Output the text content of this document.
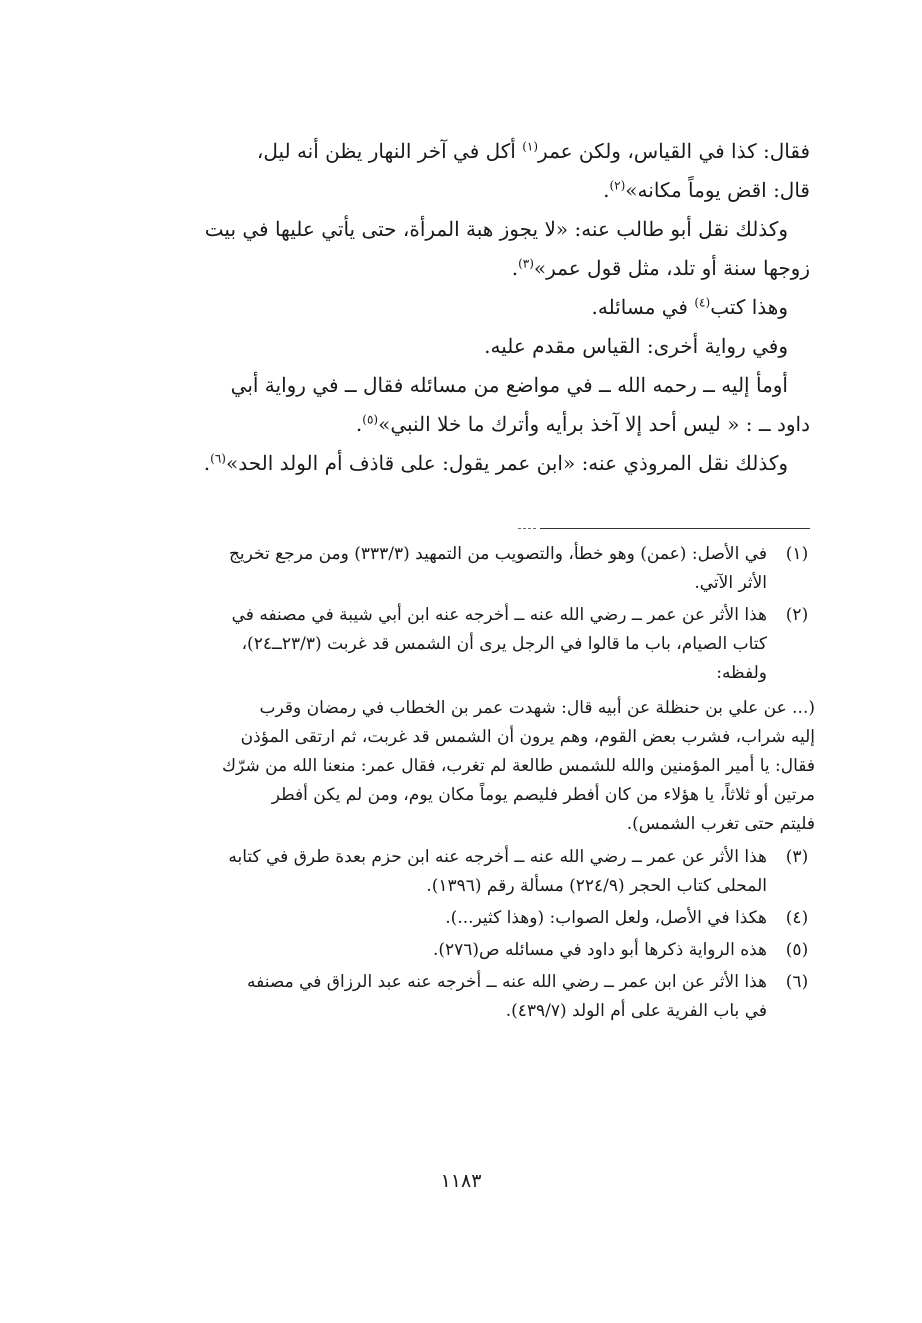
فقال: كذا في القياس، ولكن عمر$^{(١)}$ أكل في آخر النهار يظن أنه ليل،
قال: اقض يوماً مكانه»$^{(٢)}$.
وكذلك نقل أبو طالب عنه: «لا يجوز هبة المرأة، حتى يأتي عليها في بيت
زوجها سنة أو تلد، مثل قول عمر»$^{(٣)}$.
وهذا كتب$^{(٤)}$ في مسائله.
وفي رواية أخرى: القياس مقدم عليه.
أومأ إليه ــ رحمه الله ــ في مواضع من مسائله فقال ــ في رواية أبي
داود ــ : « ليس أحد إلا آخذ برأيه وأترك ما خلا النبي»$^{(٥)}$.
وكذلك نقل المروذي عنه: «ابن عمر يقول: على قاذف أم الولد الحد»$^{(٦)}$.
(١)
في الأصل: (عمن) وهو خطأ، والتصويب من التمهيد (٣٣٣/٣) ومن مرجع تخريج
الأثر الآتي.
(٢)
هذا الأثر عن عمر ــ رضي الله عنه ــ أخرجه عنه ابن أبي شيبة في مصنفه في
كتاب الصيام، باب ما قالوا في الرجل يرى أن الشمس قد غربت (٢٣/٣ــ٢٤)،
ولفظه:
(... عن علي بن حنظلة عن أبيه قال: شهدت عمر بن الخطاب في رمضان وقرب
إليه شراب، فشرب بعض القوم، وهم يرون أن الشمس قد غربت، ثم ارتقى المؤذن
فقال: يا أمير المؤمنين والله للشمس طالعة لم تغرب، فقال عمر: منعنا الله من شرّك
مرتين أو ثلاثاً، يا هؤلاء من كان أفطر فليصم يوماً مكان يوم، ومن لم يكن أفطر
فليتم حتى تغرب الشمس).
(٣)
هذا الأثر عن عمر ــ رضي الله عنه ــ أخرجه عنه ابن حزم بعدة طرق في كتابه
المحلى كتاب الحجر (٢٢٤/٩) مسألة رقم (١٣٩٦).
(٤)
هكذا في الأصل، ولعل الصواب: (وهذا كثير...).
(٥)
هذه الرواية ذكرها أبو داود في مسائله ص(٢٧٦).
(٦)
هذا الأثر عن ابن عمر ــ رضي الله عنه ــ أخرجه عنه عبد الرزاق في مصنفه
في باب الفرية على أم الولد (٤٣٩/٧).
١١٨٣
